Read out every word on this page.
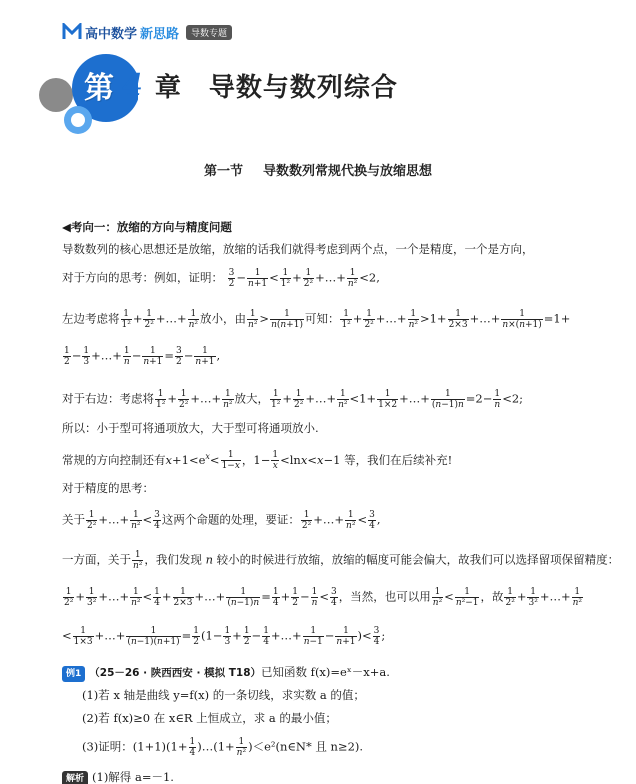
高中数学 新思路	导数专题
第 4 章 导数与数列综合
第一节 导数数列常规代换与放缩思想
◀考向一：放缩的方向与精度问题
导数数列的核心思想还是放缩，放缩的话我们就得考虑到两个点，一个是精度，一个是方向，
对于方向的思考：例如，证明： $\frac{3}{2} - \frac{1}{n+1} < \frac{1}{\text{1²}} + \frac{1}{\text{2²}}$ +…+ $\frac{1}{\text{n²}} <2$,
左边考虑将 $\frac{1}{\text{1²}} + \frac{1}{\text{2²}}$ +…+ $\frac{1}{\text{n²}}$ 放小，由 $\frac{1}{\text{n²}} > \frac{1}{n(n+1)}$ 可知： $\frac{1}{\text{1²}} + \frac{1}{\text{2²}}$ +…+ $\frac{1}{\text{n²}} >1+ \frac{1}{2\times 3}$ +…+ $\frac{1}{n\times(n+1)} =1+$
$\frac{1}{2} - \frac{1}{3}$ +…+ $\frac{1}{n} - \frac{1}{n+1} = \frac{3}{2} - \frac{1}{n+1}$ ,
对于右边：考虑将 $\frac{1}{\text{1²}} + \frac{1}{\text{2²}}$ +…+ $\frac{1}{\text{n²}}$ 放大， $\frac{1}{\text{1²}} + \frac{1}{\text{2²}}$ +…+ $\frac{1}{\text{n²}} <1+ \frac{1}{1\times 2}$ +…+ $\frac{1}{(n-1)n} =2- \frac{1}{n} <2$;
所以：小于型可将通项放大，大于型可将通项放小.
常规的方向控制还有$x+1<e^x< \frac{1}{1-x}$ ，$1- \frac{1}{x} <\ln x<x-1$ 等，我们在后续补充!
对于精度的思考：
关于 $\frac{1}{\text{2²}}$ +…+ $\frac{1}{\text{n²}} < \frac{3}{4}$ 这两个命题的处理，要证： $\frac{1}{\text{2²}}$ +…+ $\frac{1}{\text{n²}} < \frac{3}{4}$ ,
一方面，关于 $\frac{1}{\text{n²}}$ ，我们发现 n 较小的时候进行放缩，放缩的幅度可能会偏大，故我们可以选择留项保留精度：
$\frac{1}{\text{2²}} + \frac{1}{\text{3²}}$ +…+ $\frac{1}{\text{n²}} < \frac{1}{4} + \frac{1}{2\times 3}$ +…+ $\frac{1}{(n-1)n} = \frac{1}{4} + \frac{1}{2} - \frac{1}{n} < \frac{3}{4}$ ，当然，也可以用 $\frac{1}{\text{n²}} < \frac{1}{\text{n²−1}}$ ，故 $\frac{1}{\text{2²}} + \frac{1}{\text{3²}}$ +…+ $\frac{1}{\text{n²}}$
< $\frac{1}{1\times 3}$ +…+ $\frac{1}{(n-1)(n+1)} = \frac{1}{2} (1- \frac{1}{3} + \frac{1}{2} - \frac{1}{4}$ +…+ $\frac{1}{n-1} - \frac{1}{n+1}$ )< $\frac{3}{4}$ ;
例1 （25－26 · 陕西西安 · 模拟 T18）已知函数 f(x)=eˣ－x+a.
(1)若 x 轴是曲线 y=f(x) 的一条切线，求实数 a 的值；
(2)若 f(x)≥0 在 x∈R 上恒成立，求 a 的最小值；
(3)证明：$(1+1)(1+ \frac{1}{4}$ )…(1+ $\frac{1}{\text{n²}}$ )＜e²(n∈N* 且 n≥2).
解析 (1)解得 a=－1.
